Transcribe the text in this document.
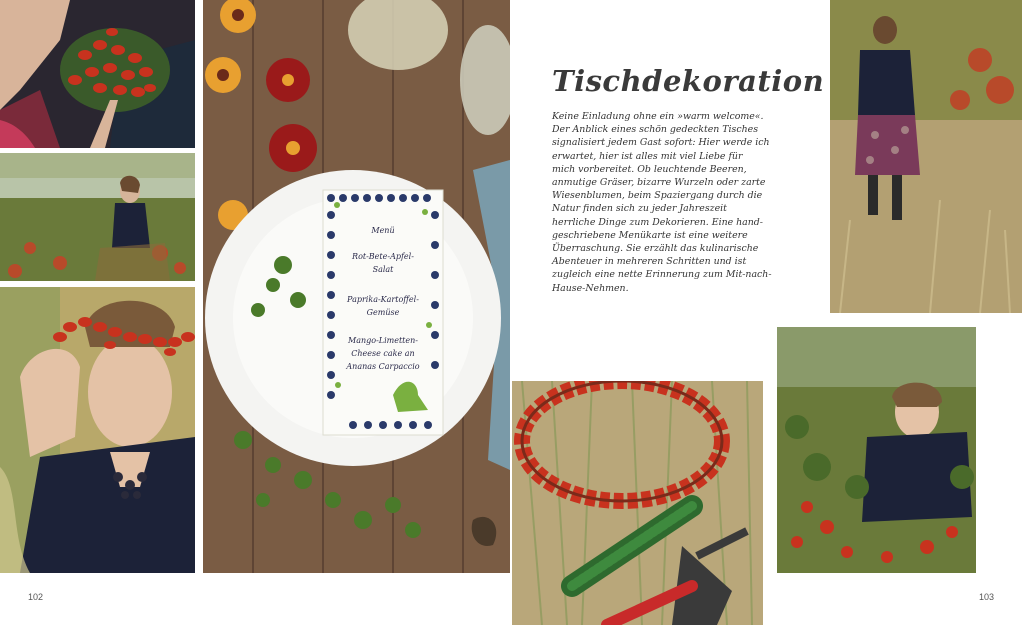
Menü
Rot-Bete-Apfel-
Salat
Paprika-Kartoffel-
Gemüse
Mango-Limetten-
Cheese cake an
Ananas Carpaccio
Tischdekoration
Keine Einladung ohne ein »warm welcome«.
Der Anblick eines schön gedeckten Tisches
signalisiert jedem Gast sofort: Hier werde ich
erwartet, hier ist alles mit viel Liebe für
mich vorbereitet. Ob leuchtende Beeren,
anmutige Gräser, bizarre Wurzeln oder zarte
Wiesenblumen, beim Spaziergang durch die
Natur finden sich zu jeder Jahreszeit
herrliche Dinge zum Dekorieren. Eine hand-
geschriebene Menükarte ist eine weitere
Überraschung. Sie erzählt das kulinarische
Abenteuer in mehreren Schritten und ist
zugleich eine nette Erinnerung zum Mit-nach-
Hause-Nehmen.
102	103
